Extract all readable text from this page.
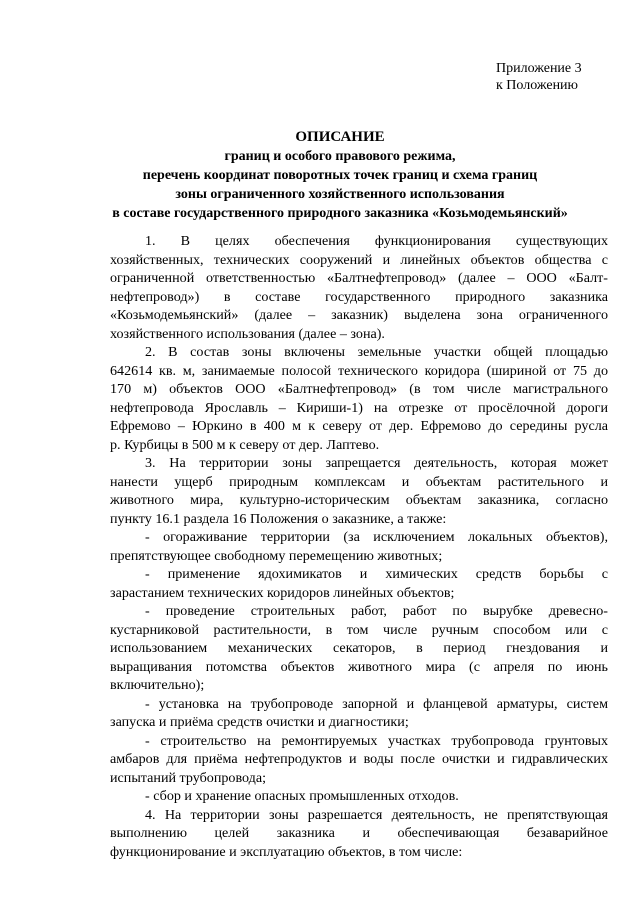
Приложение 3
к Положению
ОПИСАНИЕ
границ и особого правового режима,
перечень координат поворотных точек границ и схема границ
зоны ограниченного хозяйственного использования
в составе государственного природного заказника «Козьмодемьянский»
1. В целях обеспечения функционирования существующих
хозяйственных, технических сооружений и линейных объектов общества с
ограниченной ответственностью «Балтнефтепровод» (далее – ООО «Балт-
нефтепровод») в составе государственного природного заказника
«Козьмодемьянский» (далее – заказник) выделена зона ограниченного
хозяйственного использования (далее – зона).
2. В состав зоны включены земельные участки общей площадью
642614 кв. м, занимаемые полосой технического коридора (шириной от 75 до
170 м) объектов ООО «Балтнефтепровод» (в том числе магистрального
нефтепровода Ярославль – Кириши-1) на отрезке от просёлочной дороги
Ефремово – Юркино в 400 м к северу от дер. Ефремово до середины русла
р. Курбицы в 500 м к северу от дер. Лаптево.
3. На территории зоны запрещается деятельность, которая может
нанести ущерб природным комплексам и объектам растительного и
животного мира, культурно-историческим объектам заказника, согласно
пункту 16.1 раздела 16 Положения о заказнике, а также:
- огораживание территории (за исключением локальных объектов),
препятствующее свободному перемещению животных;
- применение ядохимикатов и химических средств борьбы с
зарастанием технических коридоров линейных объектов;
- проведение строительных работ, работ по вырубке древесно-
кустарниковой растительности, в том числе ручным способом или с
использованием механических секаторов, в период гнездования и
выращивания потомства объектов животного мира (с апреля по июнь
включительно);
- установка на трубопроводе запорной и фланцевой арматуры, систем
запуска и приёма средств очистки и диагностики;
- строительство на ремонтируемых участках трубопровода грунтовых
амбаров для приёма нефтепродуктов и воды после очистки и гидравлических
испытаний трубопровода;
- сбор и хранение опасных промышленных отходов.
4. На территории зоны разрешается деятельность, не препятствующая
выполнению целей заказника и обеспечивающая безаварийное
функционирование и эксплуатацию объектов, в том числе:
